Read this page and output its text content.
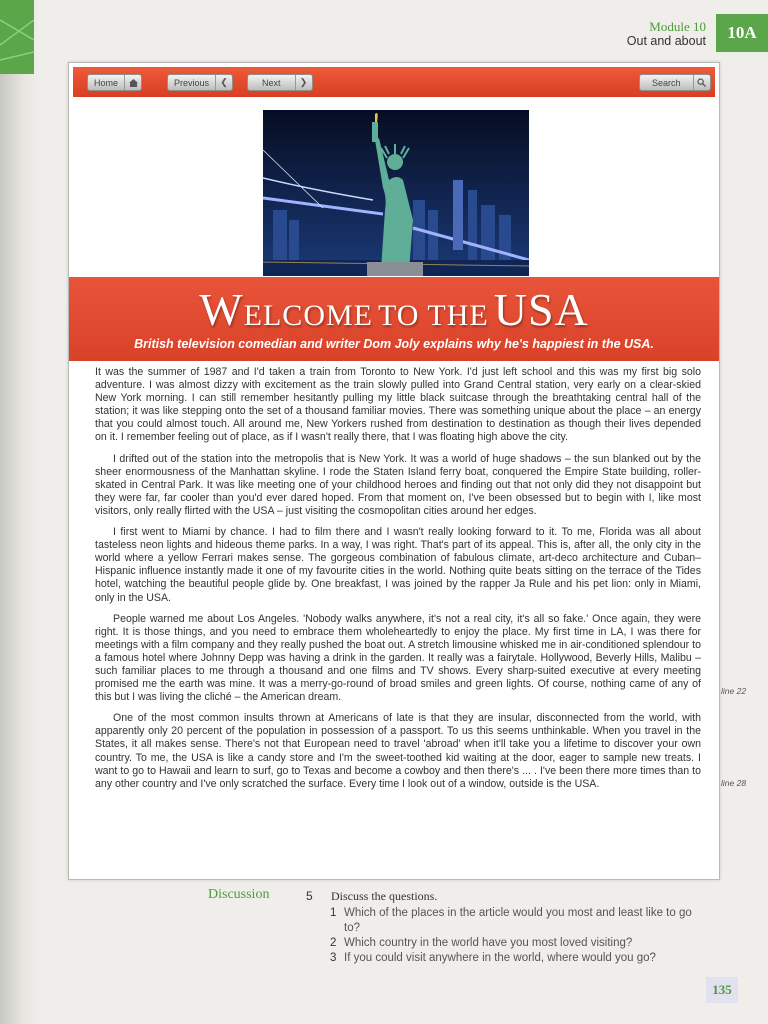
Module 10
Out and about	10A
Home	Previous	❮	Next	❯	Search
WELCOME TO THE USA
British television comedian and writer Dom Joly explains why he's happiest in the USA.

It was the summer of 1987 and I'd taken a train from Toronto to New York. I'd just left school and this was my first big solo adventure. I was almost dizzy with excitement as the train slowly pulled into Grand Central station, very early on a clear-skied New York morning. I can still remember hesitantly pulling my little black suitcase through the breathtaking central hall of the station; it was like stepping onto the set of a thousand familiar movies. There was something unique about the place – an energy that you could almost touch. All around me, New Yorkers rushed from destination to destination as though their lives depended on it. I remember feeling out of place, as if I wasn't really there, that I was floating high above the city.

I drifted out of the station into the metropolis that is New York. It was a world of huge shadows – the sun blanked out by the sheer enormousness of the Manhattan skyline. I rode the Staten Island ferry boat, conquered the Empire State building, roller-skated in Central Park. It was like meeting one of your childhood heroes and finding out that not only did they not disappoint but they were far, far cooler than you'd ever dared hoped. From that moment on, I've been obsessed but to begin with I, like most visitors, only really flirted with the USA – just visiting the cosmopolitan cities around her edges.

I first went to Miami by chance. I had to film there and I wasn't really looking forward to it. To me, Florida was all about tasteless neon lights and hideous theme parks. In a way, I was right. That's part of its appeal. This is, after all, the only city in the world where a yellow Ferrari makes sense. The gorgeous combination of fabulous climate, art-deco architecture and Cuban–Hispanic influence instantly made it one of my favourite cities in the world. Nothing quite beats sitting on the terrace of the Tides hotel, watching the beautiful people glide by. One breakfast, I was joined by the rapper Ja Rule and his pet lion: only in Miami, only in the USA.

People warned me about Los Angeles. 'Nobody walks anywhere, it's not a real city, it's all so fake.' Once again, they were right. It is those things, and you need to embrace them wholeheartedly to enjoy the place. My first time in LA, I was there for meetings with a film company and they really pushed the boat out. A stretch limousine whisked me in air-conditioned splendour to a famous hotel where Johnny Depp was having a drink in the garden. It really was a fairytale. Hollywood, Beverly Hills, Malibu – such familiar places to me through a thousand and one films and TV shows. Every sharp-suited executive at every meeting promised me the earth was mine. It was a merry-go-round of broad smiles and green lights. Of course, nothing came of any of this but I was living the cliché – the American dream.

One of the most common insults thrown at Americans of late is that they are insular, disconnected from the world, with apparently only 20 percent of the population in possession of a passport. To us this seems unthinkable. When you travel in the States, it all makes sense. There's not that European need to travel 'abroad' when it'll take you a lifetime to discover your own country. To me, the USA is like a candy store and I'm the sweet-toothed kid waiting at the door, eager to sample new treats. I want to go to Hawaii and learn to surf, go to Texas and become a cowboy and then there's ... . I've been there more times than to any other country and I've only scratched the surface. Every time I look out of a window, outside is the USA.

line 22
line 28
Discussion	5 Discuss the questions.
1 Which of the places in the article would you most and least like to go to?
2 Which country in the world have you most loved visiting?
3 If you could visit anywhere in the world, where would you go?
135
